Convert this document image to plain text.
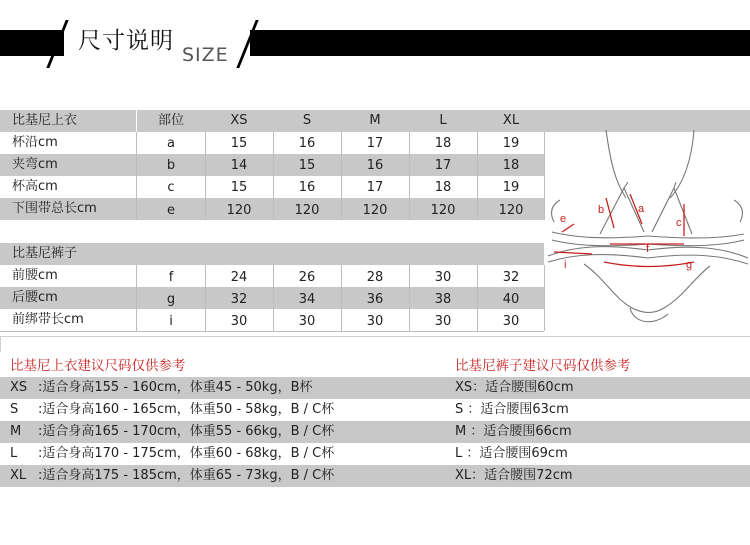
尺寸说明
SIZE
比基尼上衣	部位	XS	S	M	L	XL
杯沿cm	a	15	16	17	18	19
夹弯cm	b	14	15	16	17	18
杯高cm	c	15	16	17	18	19
下围带总长cm	e	120	120	120	120	120
比基尼裤子
前腰cm	f	24	26	28	30	32
后腰cm	g	32	34	36	38	40
前绑带长cm	i	30	30	30	30	30
b	a
c
e
f
g
i
比基尼上衣建议尺码仅供参考	比基尼裤子建议尺码仅供参考
XS :适合身高155 - 160cm，体重45 - 50kg，B杯
S :适合身高160 - 165cm，体重50 - 58kg，B / C杯
M :适合身高165 - 170cm，体重55 - 66kg，B / C杯
L :适合身高170 - 175cm，体重60 - 68kg，B / C杯
XL :适合身高175 - 185cm，体重65 - 73kg，B / C杯
XS：适合腰围60cm
S ：适合腰围63cm
M ：适合腰围66cm
L ：适合腰围69cm
XL：适合腰围72cm
